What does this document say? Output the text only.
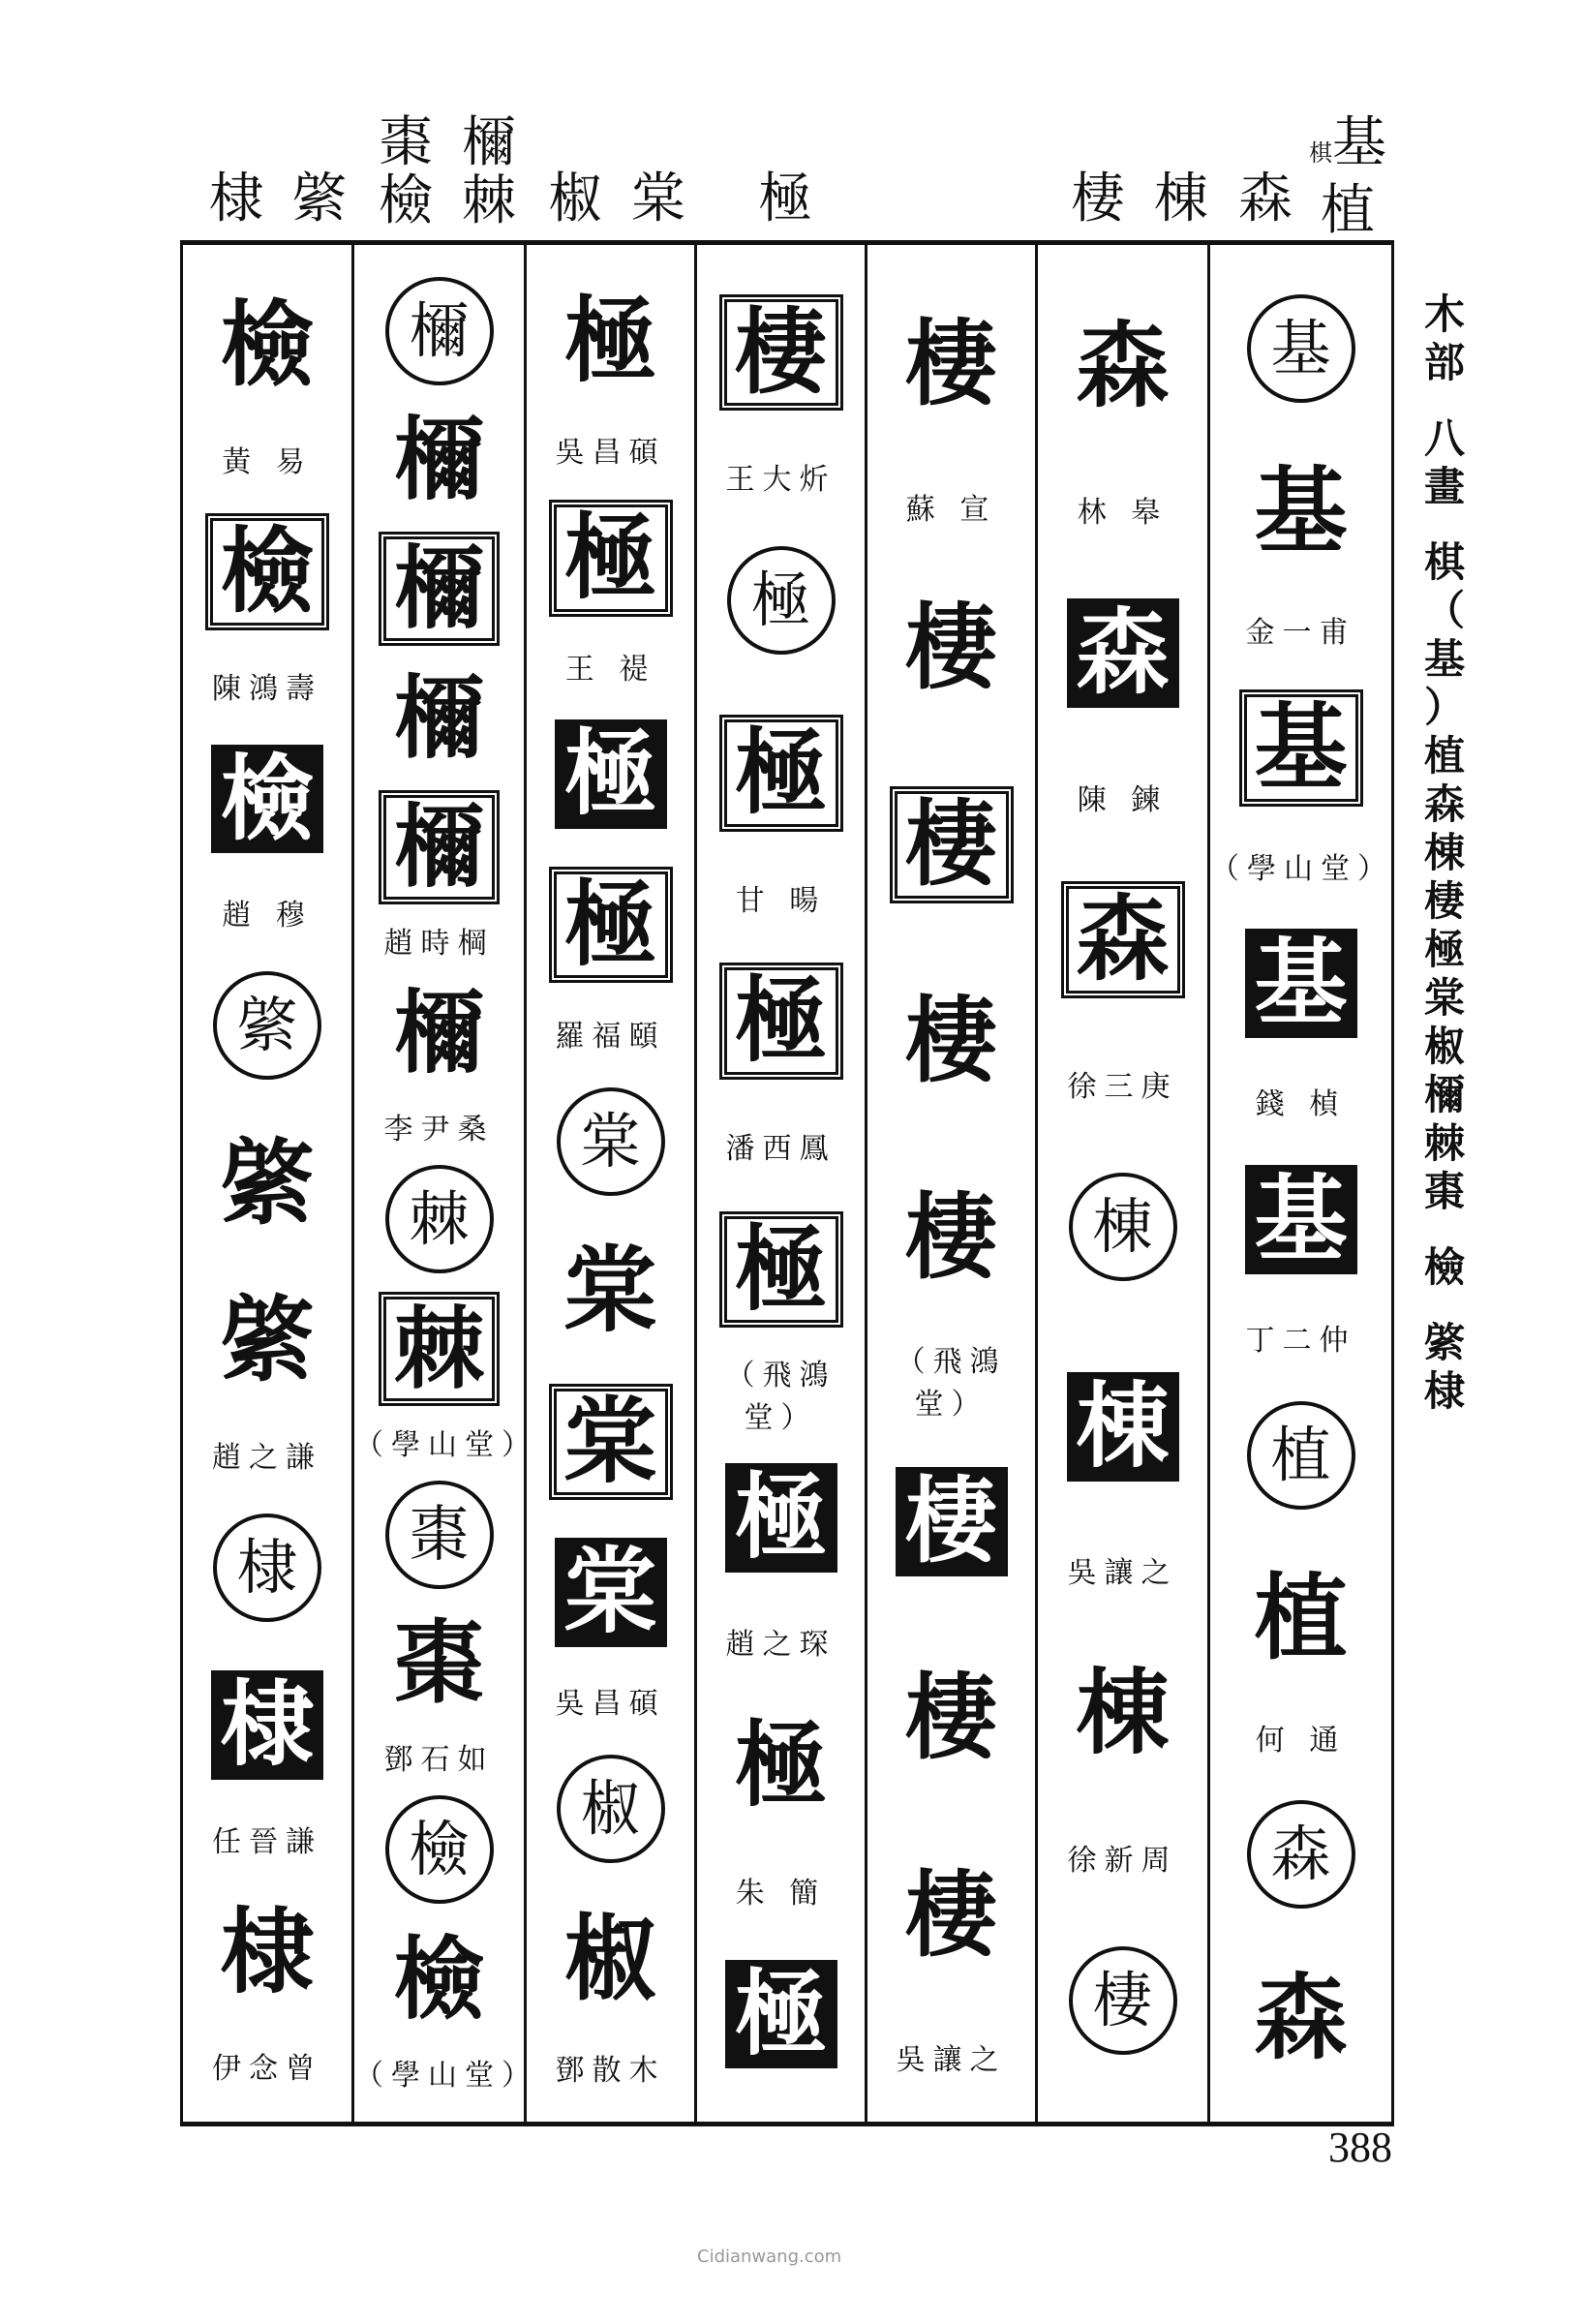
棣 綮
棗 檷
檢 棘 椒 棠	極	棲 棟 森
棋基
植
檢
黃 易
檢
陳鴻壽
檢
趙 穆
綮
綮
綮
趙之謙
棣
棣
任晉謙
棣
伊念曾
檷
檷
檷
檷
檷
趙時棡
檷
李尹桑
棘
棘
（學山堂）
棗
棗
鄧石如
檢
檢
（學山堂）
極
吳昌碩
極
王 禔
極
極
羅福頤
棠
棠
棠
棠
吳昌碩
椒
椒
鄧散木
棲
王大炘
極
極
甘 暘
極
潘西鳳
極
（飛鴻堂）
極
趙之琛
極
朱 簡
極
棲
蘇 宣
棲
棲
棲
棲
（飛鴻堂）
棲
棲
棲
吳讓之
森
林 皋
森
陳 鍊
森
徐三庚
棟
棟
吳讓之
棟
徐新周
棲
基
基
金一甫
基
（學山堂）
基
錢 楨
基
丁二仲
植
植
何 通
森
森
木
部

八
畫

棋
（
基
）
植
森
棟
棲
極
棠
椒
檷
棘
棗

檢

綮
棣
388
Cidianwang.com
